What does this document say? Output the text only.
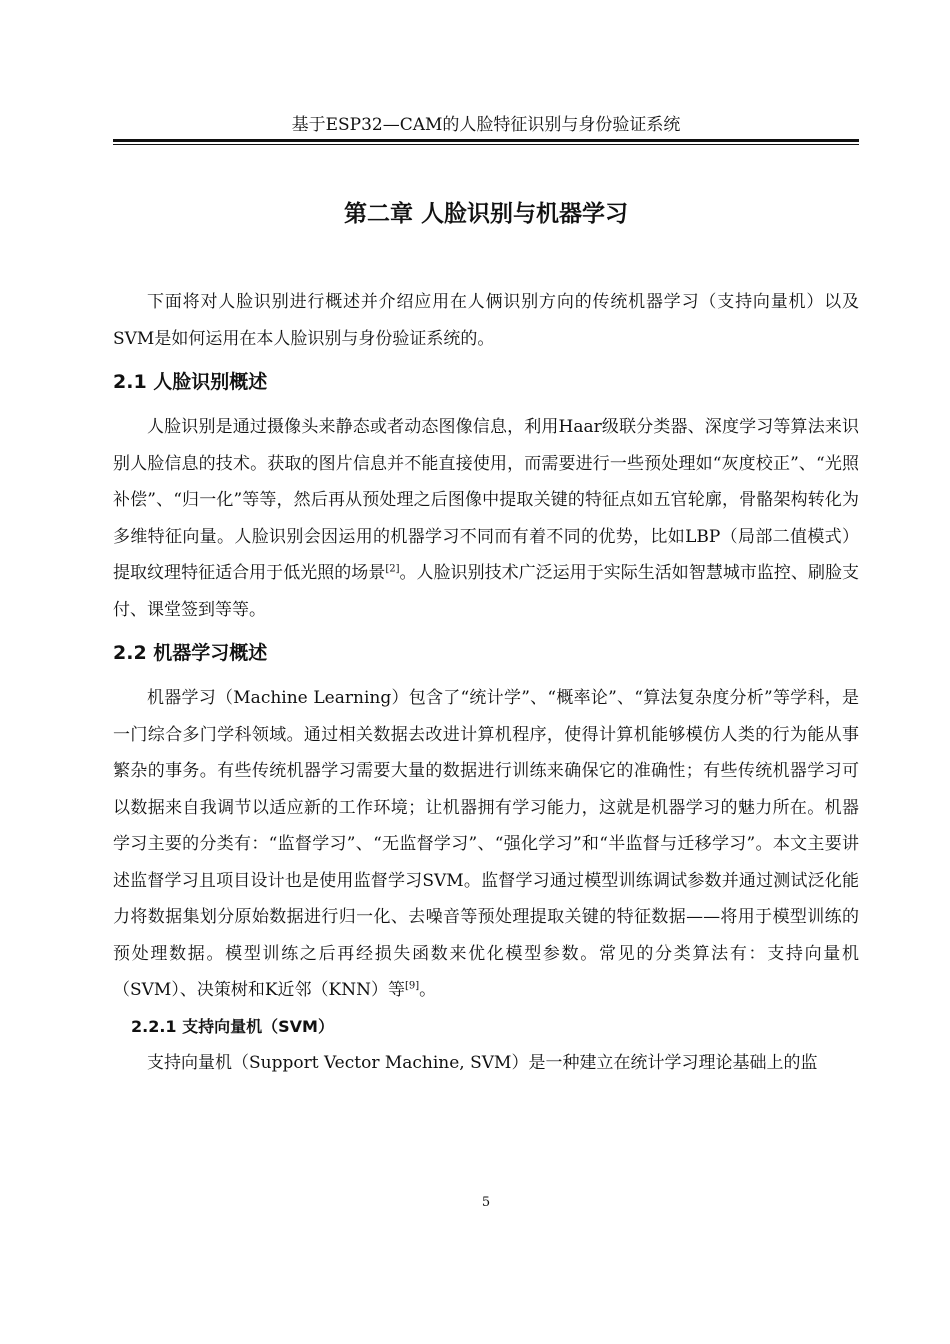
基于ESP32—CAM的人脸特征识别与身份验证系统
第二章 人脸识别与机器学习

下面将对人脸识别进行概述并介绍应用在人俩识别方向的传统机器学习（支持向量机）以及SVM是如何运用在本人脸识别与身份验证系统的。

2.1 人脸识别概述

人脸识别是通过摄像头来静态或者动态图像信息，利用Haar级联分类器、深度学习等算法来识别人脸信息的技术。获取的图片信息并不能直接使用，而需要进行一些预处理如“灰度校正”、“光照补偿”、“归一化”等等，然后再从预处理之后图像中提取关键的特征点如五官轮廓，骨骼架构转化为多维特征向量。人脸识别会因运用的机器学习不同而有着不同的优势，比如LBP（局部二值模式）提取纹理特征适合用于低光照的场景[2]。人脸识别技术广泛运用于实际生活如智慧城市监控、刷脸支付、课堂签到等等。

2.2 机器学习概述

机器学习（Machine Learning）包含了“统计学”、“概率论”、“算法复杂度分析”等学科，是一门综合多门学科领域。通过相关数据去改进计算机程序，使得计算机能够模仿人类的行为能从事繁杂的事务。有些传统机器学习需要大量的数据进行训练来确保它的准确性；有些传统机器学习可以数据来自我调节以适应新的工作环境；让机器拥有学习能力，这就是机器学习的魅力所在。机器学习主要的分类有：“监督学习”、“无监督学习”、“强化学习”和“半监督与迁移学习”。本文主要讲述监督学习且项目设计也是使用监督学习SVM。监督学习通过模型训练调试参数并通过测试泛化能力将数据集划分原始数据进行归一化、去噪音等预处理提取关键的特征数据——将用于模型训练的预处理数据。模型训练之后再经损失函数来优化模型参数。常见的分类算法有：支持向量机（SVM）、决策树和K近邻（KNN）等[9]。

2.2.1 支持向量机（SVM）

支持向量机（Support Vector Machine, SVM）是一种建立在统计学习理论基础上的监

5
